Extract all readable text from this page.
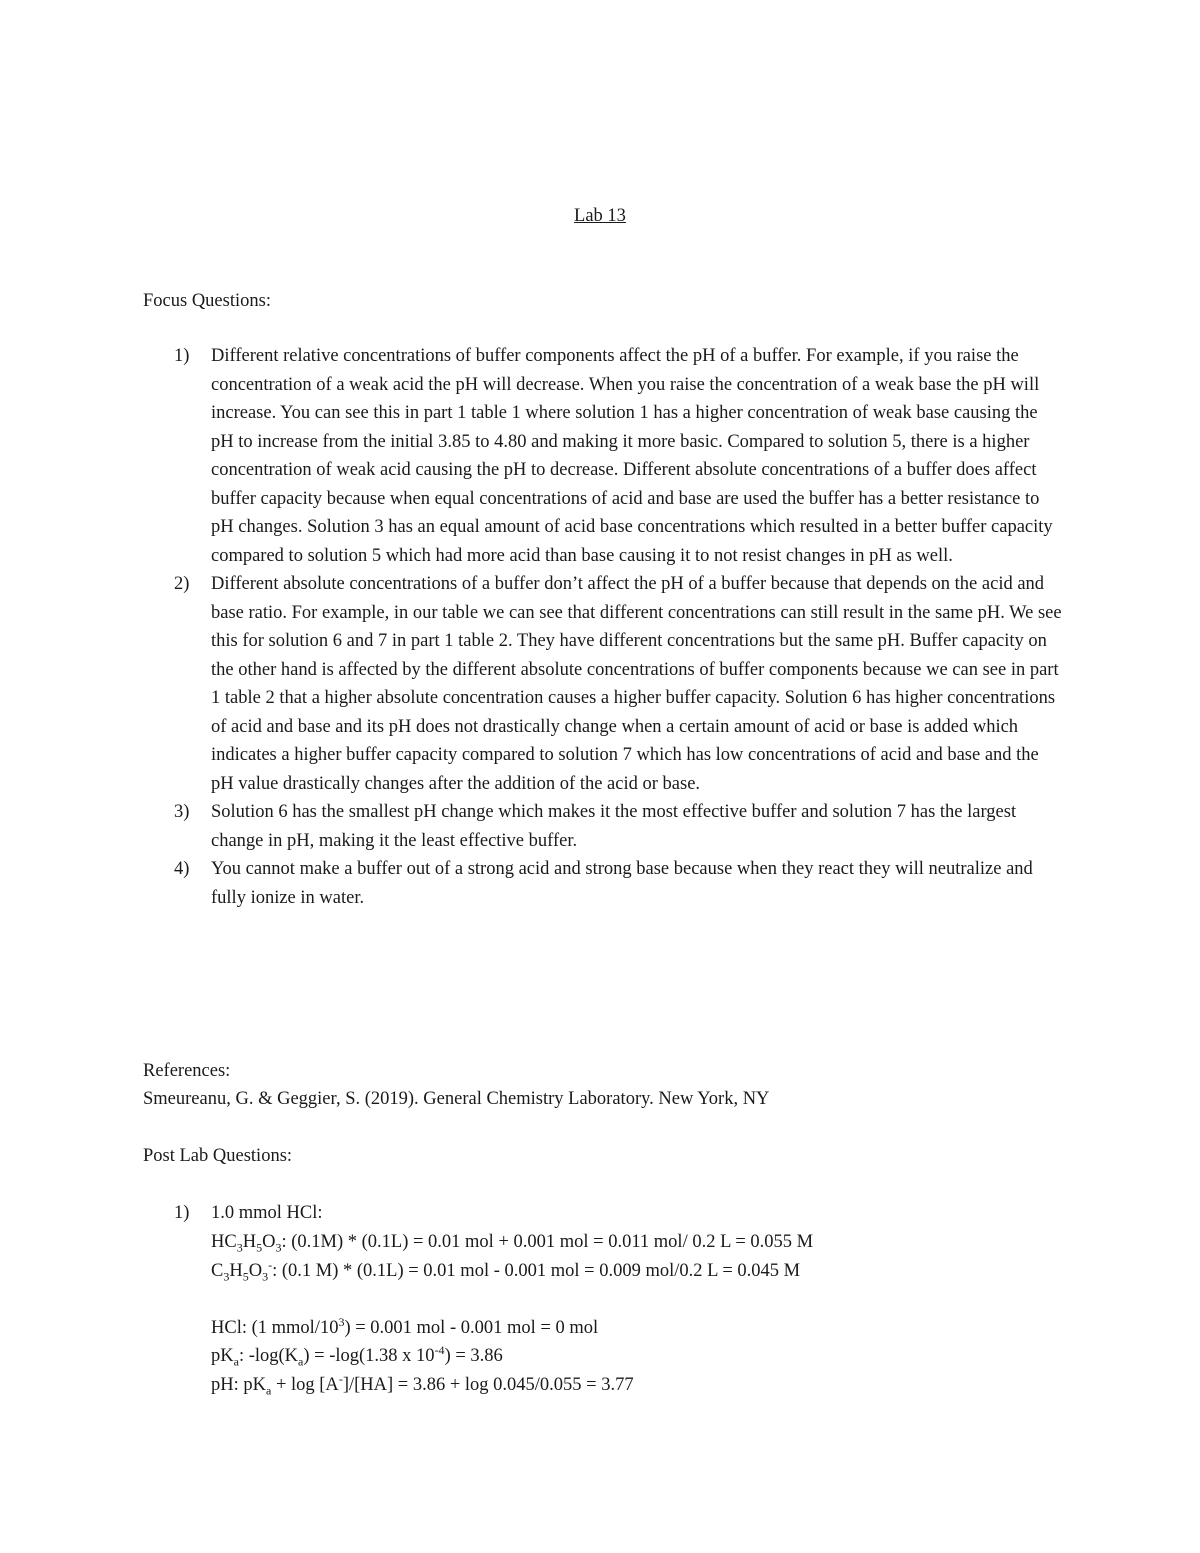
Lab 13
Focus Questions:
1) Different relative concentrations of buffer components affect the pH of a buffer. For example, if you raise the concentration of a weak acid the pH will decrease. When you raise the concentration of a weak base the pH will increase. You can see this in part 1 table 1 where solution 1 has a higher concentration of weak base causing the pH to increase from the initial 3.85 to 4.80 and making it more basic. Compared to solution 5, there is a higher concentration of weak acid causing the pH to decrease. Different absolute concentrations of a buffer does affect buffer capacity because when equal concentrations of acid and base are used the buffer has a better resistance to pH changes. Solution 3 has an equal amount of acid base concentrations which resulted in a better buffer capacity compared to solution 5 which had more acid than base causing it to not resist changes in pH as well.
2) Different absolute concentrations of a buffer don’t affect the pH of a buffer because that depends on the acid and base ratio. For example, in our table we can see that different concentrations can still result in the same pH. We see this for solution 6 and 7 in part 1 table 2. They have different concentrations but the same pH. Buffer capacity on the other hand is affected by the different absolute concentrations of buffer components because we can see in part 1 table 2 that a higher absolute concentration causes a higher buffer capacity. Solution 6 has higher concentrations of acid and base and its pH does not drastically change when a certain amount of acid or base is added which indicates a higher buffer capacity compared to solution 7 which has low concentrations of acid and base and the pH value drastically changes after the addition of the acid or base.
3) Solution 6 has the smallest pH change which makes it the most effective buffer and solution 7 has the largest change in pH, making it the least effective buffer.
4) You cannot make a buffer out of a strong acid and strong base because when they react they will neutralize and fully ionize in water.
References:
Smeureanu, G. & Geggier, S. (2019). General Chemistry Laboratory. New York, NY
Post Lab Questions:
1) 1.0 mmol HCl:
$HC_3H_5O_3$: (0.1M) * (0.1L) = 0.01 mol + 0.001 mol = 0.011 mol/ 0.2 L = 0.055 M
$C_3H_5O_3^-$: (0.1 M) * (0.1L) = 0.01 mol - 0.001 mol = 0.009 mol/0.2 L = 0.045 M
HCl: (1 mmol/$10^3) = 0.001$ mol - 0.001 mol = 0 mol
$pK_a$: $-\log(K_a) = -\log(1.38$ x $10^{-4}) = 3.86$
pH: $pK_a + \log [A^-]/[HA] = 3.86 + \log 0.045/0.055 = 3.77$
